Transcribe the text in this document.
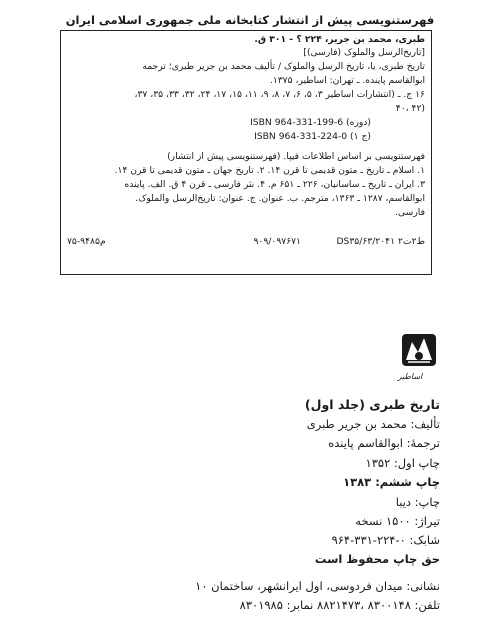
فهرستنویسی پیش از انتشار کتابخانه ملی جمهوری اسلامی ایران
طبری، محمد بن جریر، ۲۲۴ ؟ - ۳۰۱ ق.
[تاریخ‌الرسل والملوک (فارسی)]
تاریخ طبری، یا، تاریخ الرسل والملوک / تألیف محمد بن جریر طبری؛ ترجمه
ابوالقاسم پاینده. ـ تهران: اساطیر، ۱۳۷۵.
۱۶ ج. ـ (انتشارات اساطیر ۳، ۵، ۶، ۷، ۸، ۹، ۱۱، ۱۵، ۱۷، ۲۴، ۳۲، ۳۳، ۳۵، ۳۷،
۴۰، ۴۲)
ISBN 964-331-199-6 (دوره)
ISBN 964-331-224-0 (ج ۱)
فهرستنویسی بر اساس اطلاعات فیپا. (فهرستنویسی پیش از انتشار)
۱. اسلام ـ تاریخ ـ متون قدیمی تا قرن ۱۴. ۲. تاریخ جهان ـ متون قدیمی تا قرن ۱۴.
۳. ایران ـ تاریخ ـ ساسانیان، ۲۲۶ ـ ۶۵۱ م. ۴. نثر فارسی ـ قرن ۴ ق. الف. پاینده
ابوالقاسم، ۱۲۸۷ ـ ۱۳۶۳، مترجم. ب. عنوان. ج. عنوان: تاریخ‌الرسل والملوک.
فارسی.
DS۳۵/۶۳/ط۲ت۲ ۲۰۴۱
۹۰۹/۰۹۷۶۷۱
۷۵-۹۴۸۵م
اساطیر
تاریخ طبری (جلد اول)
تألیف: محمد بن جریر طبری
ترجمهٔ: ابوالقاسم پاینده
چاپ اول: ۱۳۵۲
چاپ ششم: ۱۳۸۳
چاپ: دیبا
تیراژ: ۱۵۰۰ نسخه
شابک: ۰-۲۲۴-۳۳۱-۹۶۴
حق چاپ محفوظ است
نشانی: میدان فردوسی، اول ایرانشهر، ساختمان ۱۰
تلفن: ۸۳۰۰۱۴۸ ،۸۸۲۱۴۷۳ نمابر: ۸۳۰۱۹۸۵
